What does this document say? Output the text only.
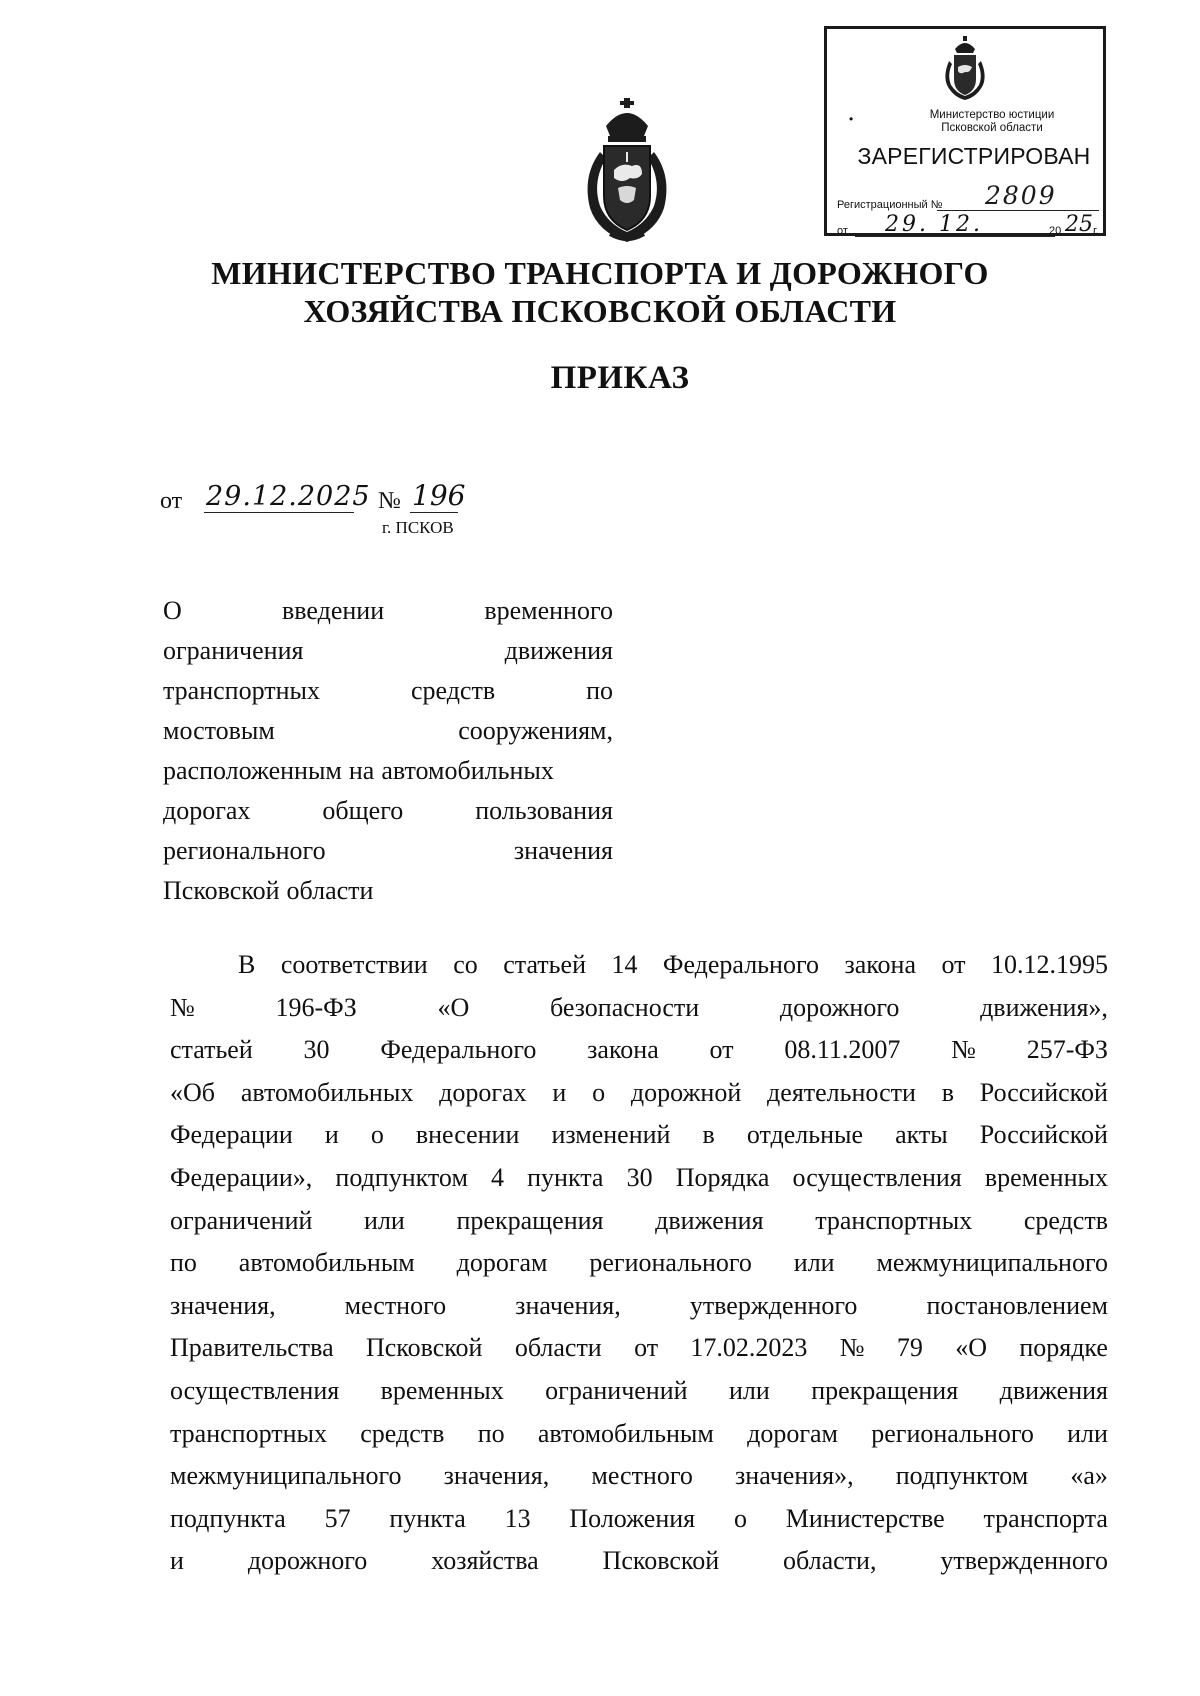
•	Министерство юстиции
Псковской области
ЗАРЕГИСТРИРОВАН
Регистрационный № 2809
от 29. 12.	20 25 г.
МИНИСТЕРСТВО ТРАНСПОРТА И ДОРОЖНОГО
ХОЗЯЙСТВА ПСКОВСКОЙ ОБЛАСТИ
ПРИКАЗ
от 29.12.2025 № 196
г. ПСКОВ
О	введении	временного
ограничения	движения
транспортных	средств	по
мостовым	сооружениям,
расположенным на автомобильных
дорогах	общего	пользования
регионального	значения
Псковской области
В соответствии со статьей 14 Федерального закона от 10.12.1995
№	196-ФЗ	«О	безопасности	дорожного	движения»,
статьей 30 Федерального закона от 08.11.2007 № 257-ФЗ
«Об автомобильных дорогах и о дорожной деятельности в Российской
Федерации и о внесении изменений в отдельные акты Российской
Федерации», подпунктом 4 пункта 30 Порядка осуществления временных
ограничений или прекращения движения транспортных средств
по автомобильным дорогам регионального или межмуниципального
значения,	местного	значения,	утвержденного	постановлением
Правительства Псковской области от 17.02.2023 № 79 «О порядке
осуществления временных ограничений или прекращения движения
транспортных средств по автомобильным дорогам регионального или
межмуниципального значения, местного значения», подпунктом «а»
подпункта 57 пункта 13 Положения о Министерстве транспорта
и дорожного хозяйства Псковской области, утвержденного
